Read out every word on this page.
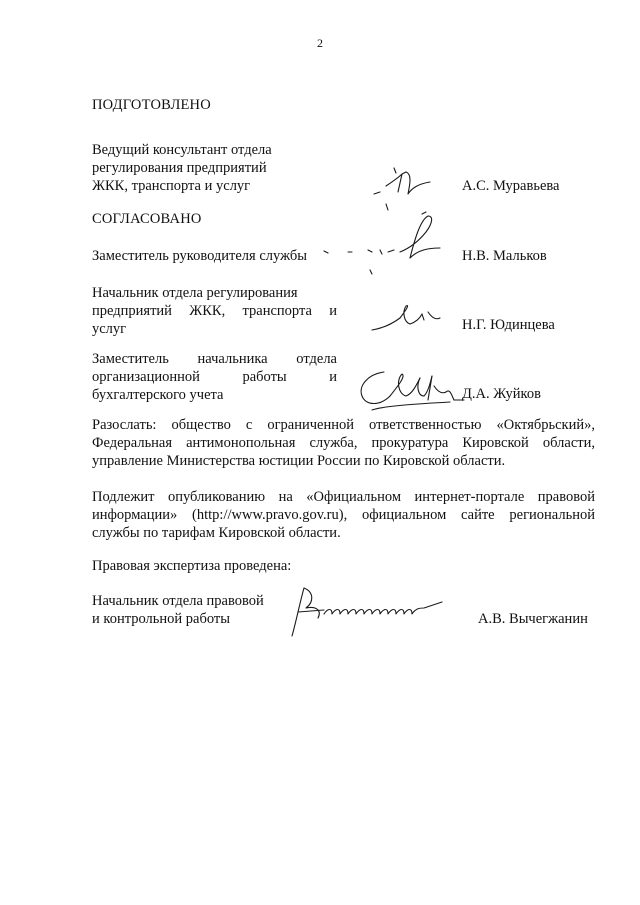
2
ПОДГОТОВЛЕНО
Ведущий консультант отдела
регулирования предприятий
ЖКК, транспорта и услуг	А.С. Муравьева
СОГЛАСОВАНО
Заместитель руководителя службы	Н.В. Мальков
Начальник отдела регулирования
предприятий ЖКК, транспорта и
услуг	Н.Г. Юдинцева
Заместитель начальника отдела
организационной работы и
бухгалтерского учета	Д.А. Жуйков
Разослать: общество с ограниченной ответственностью «Октябрьский»,
Федеральная антимонопольная служба, прокуратура Кировской области,
управление Министерства юстиции России по Кировской области.
Подлежит опубликованию на «Официальном интернет-портале правовой
информации» (http://www.pravo.gov.ru), официальном сайте региональной
службы по тарифам Кировской области.
Правовая экспертиза проведена:
Начальник отдела правовой
и контрольной работы	А.В. Вычегжанин
